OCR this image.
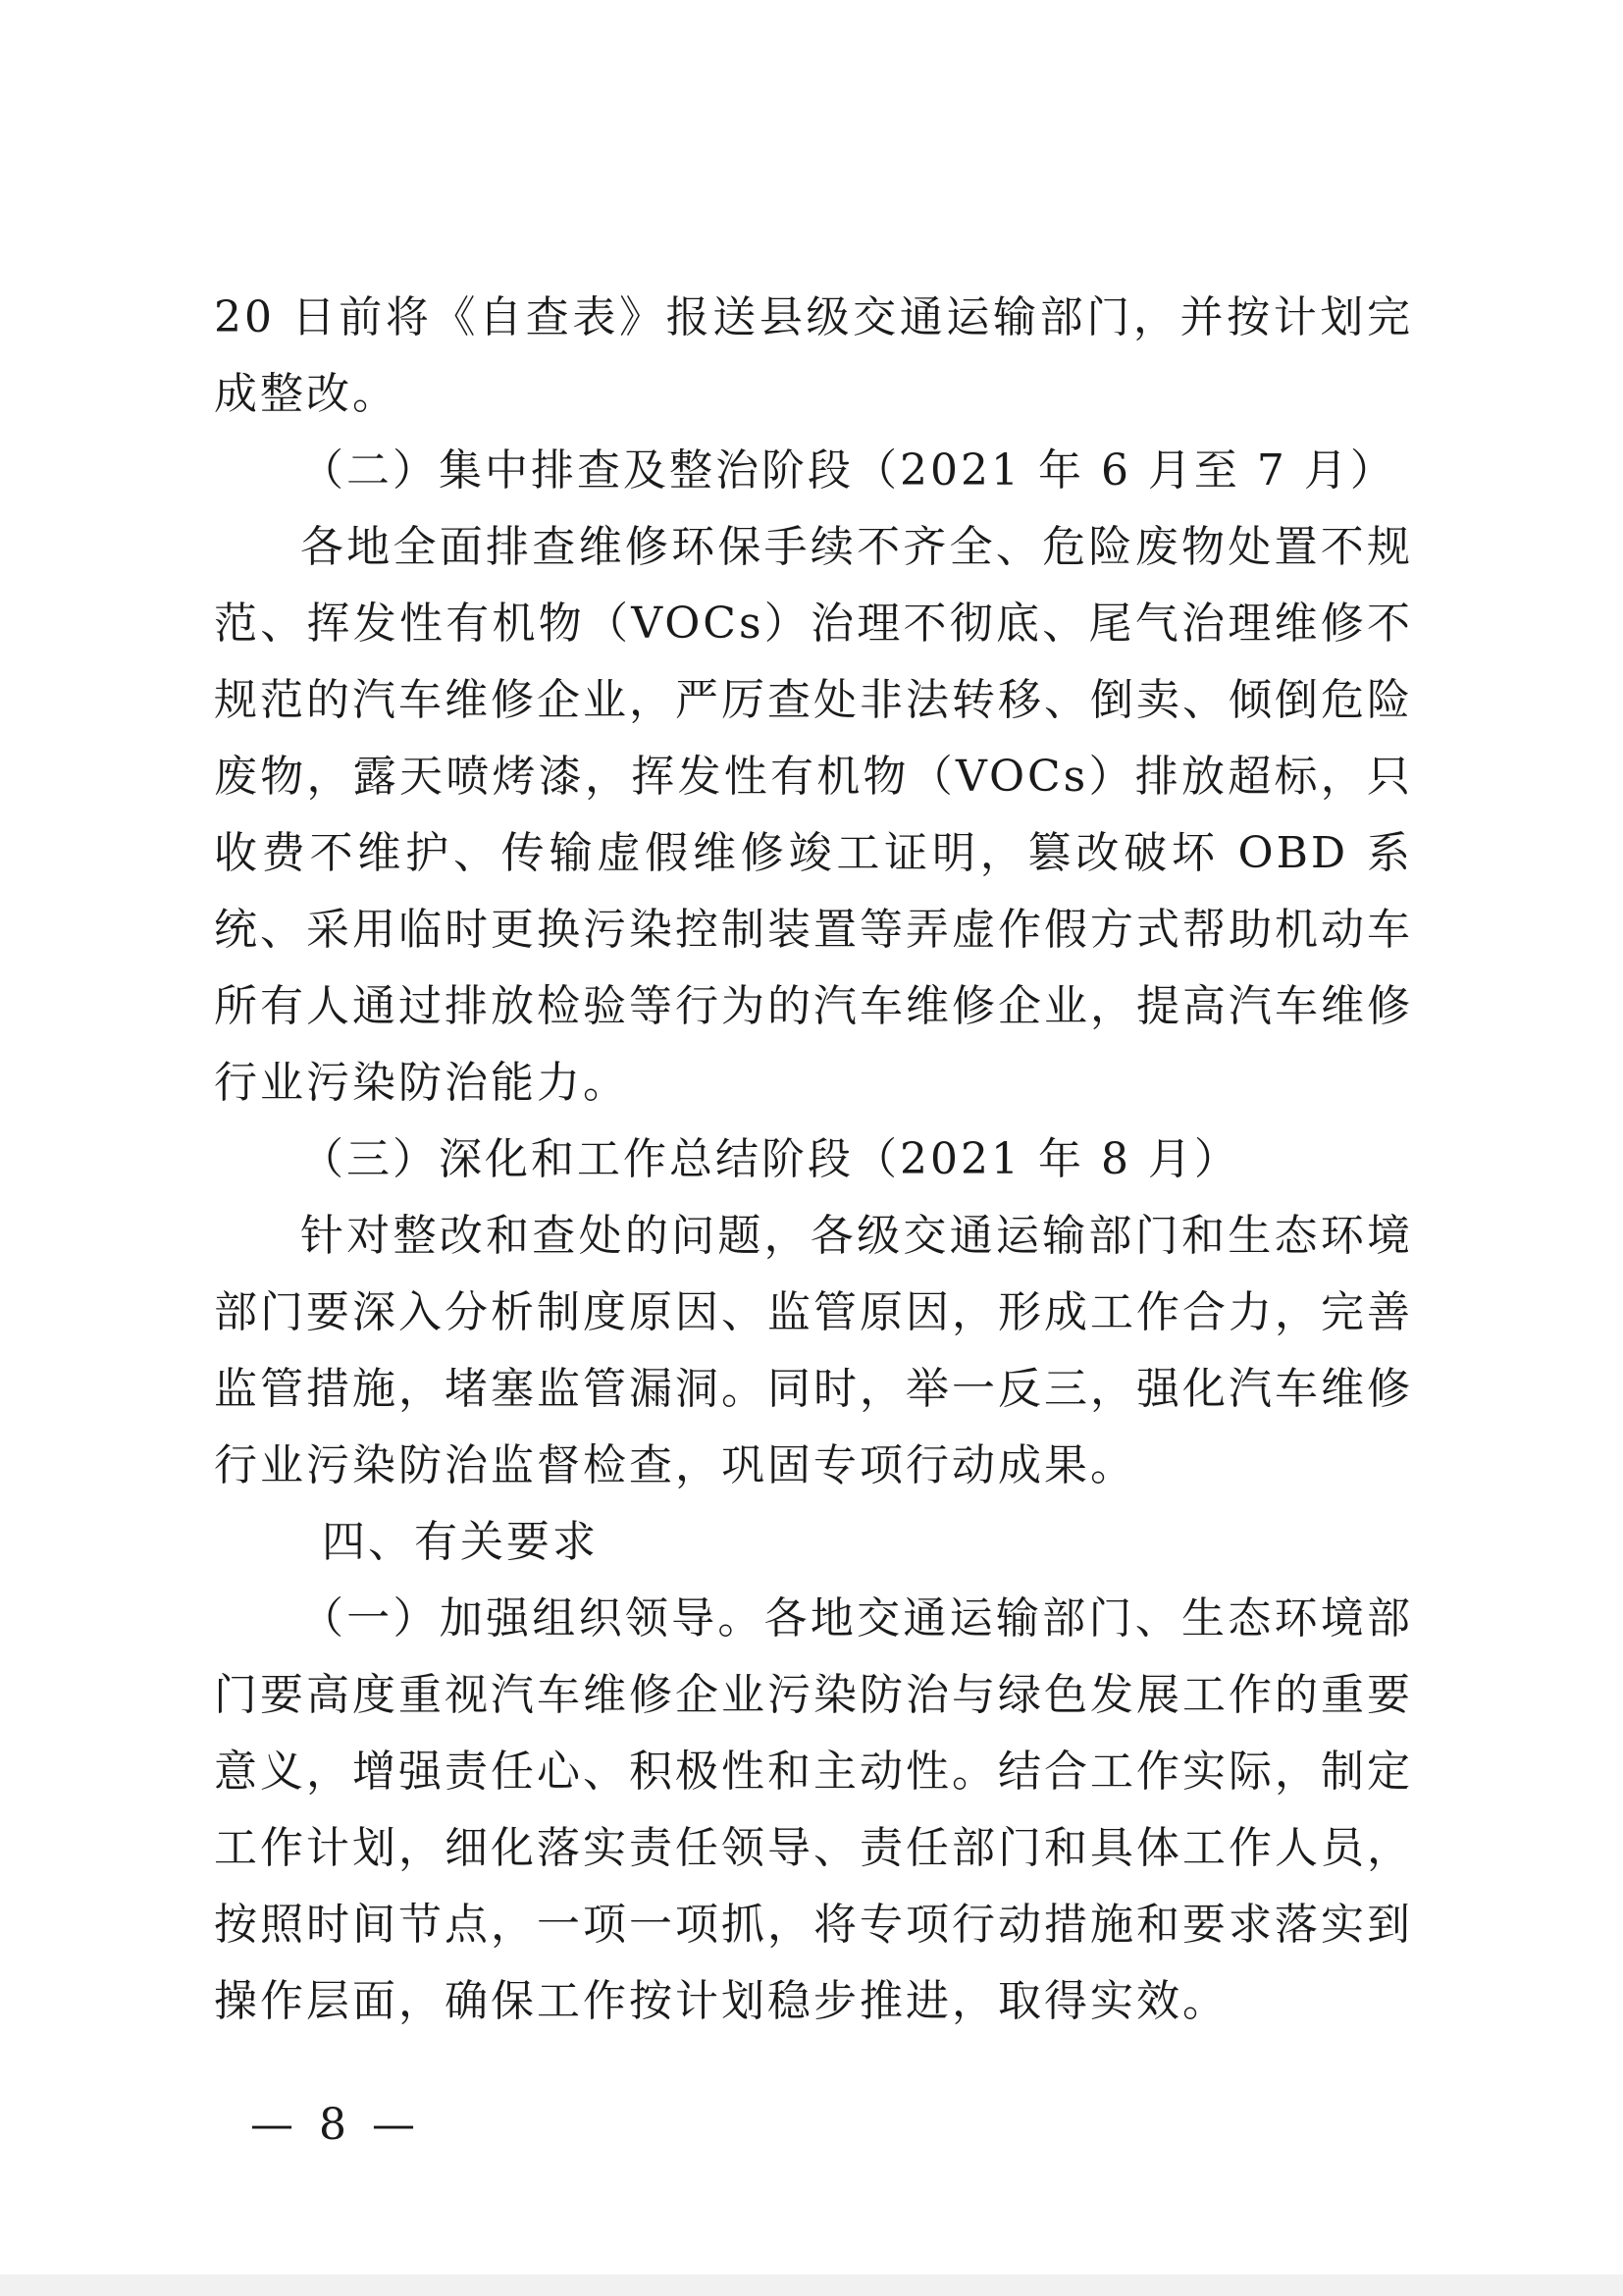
20 日前将《自查表》报送县级交通运输部门，并按计划完成整改。

（二）集中排查及整治阶段（2021 年 6 月至 7 月）

各地全面排查维修环保手续不齐全、危险废物处置不规范、挥发性有机物（VOCs）治理不彻底、尾气治理维修不规范的汽车维修企业，严厉查处非法转移、倒卖、倾倒危险废物，露天喷烤漆，挥发性有机物（VOCs）排放超标，只收费不维护、传输虚假维修竣工证明，篡改破坏 OBD 系统、采用临时更换污染控制装置等弄虚作假方式帮助机动车所有人通过排放检验等行为的汽车维修企业，提高汽车维修行业污染防治能力。

（三）深化和工作总结阶段（2021 年 8 月）

针对整改和查处的问题，各级交通运输部门和生态环境部门要深入分析制度原因、监管原因，形成工作合力，完善监管措施，堵塞监管漏洞。同时，举一反三，强化汽车维修行业污染防治监督检查，巩固专项行动成果。

四、有关要求

（一）加强组织领导。各地交通运输部门、生态环境部门要高度重视汽车维修企业污染防治与绿色发展工作的重要意义，增强责任心、积极性和主动性。结合工作实际，制定工作计划，细化落实责任领导、责任部门和具体工作人员，按照时间节点，一项一项抓，将专项行动措施和要求落实到操作层面，确保工作按计划稳步推进，取得实效。

— 8 —
